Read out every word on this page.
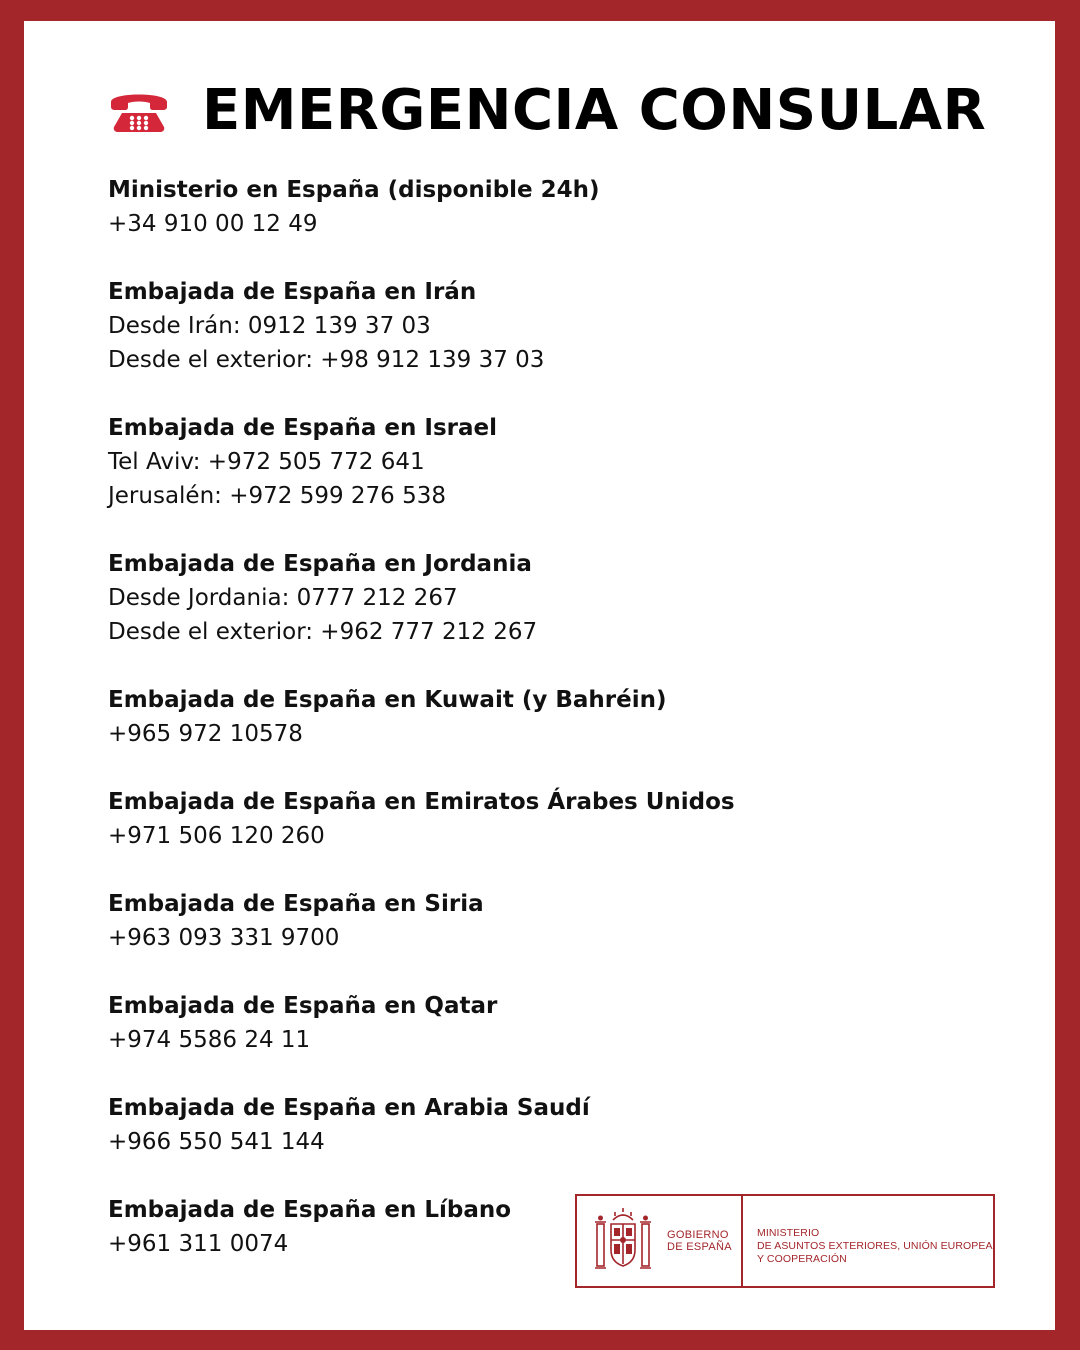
EMERGENCIA CONSULAR
Ministerio en España (disponible 24h)
+34 910 00 12 49
Embajada de España en Irán
Desde Irán: 0912 139 37 03
Desde el exterior: +98 912 139 37 03
Embajada de España en Israel
Tel Aviv: +972 505 772 641
Jerusalén: +972 599 276 538
Embajada de España en Jordania
Desde Jordania: 0777 212 267
Desde el exterior: +962 777 212 267
Embajada de España en Kuwait (y Bahréin)
+965 972 10578
Embajada de España en Emiratos Árabes Unidos
+971 506 120 260
Embajada de España en Siria
+963 093 331 9700
Embajada de España en Qatar
+974 5586 24 11
Embajada de España en Arabia Saudí
+966 550 541 144
Embajada de España en Líbano
+961 311 0074	GOBIERNO
DE ESPAÑA
MINISTERIO
DE ASUNTOS EXTERIORES, UNIÓN EUROPEA
Y COOPERACIÓN
